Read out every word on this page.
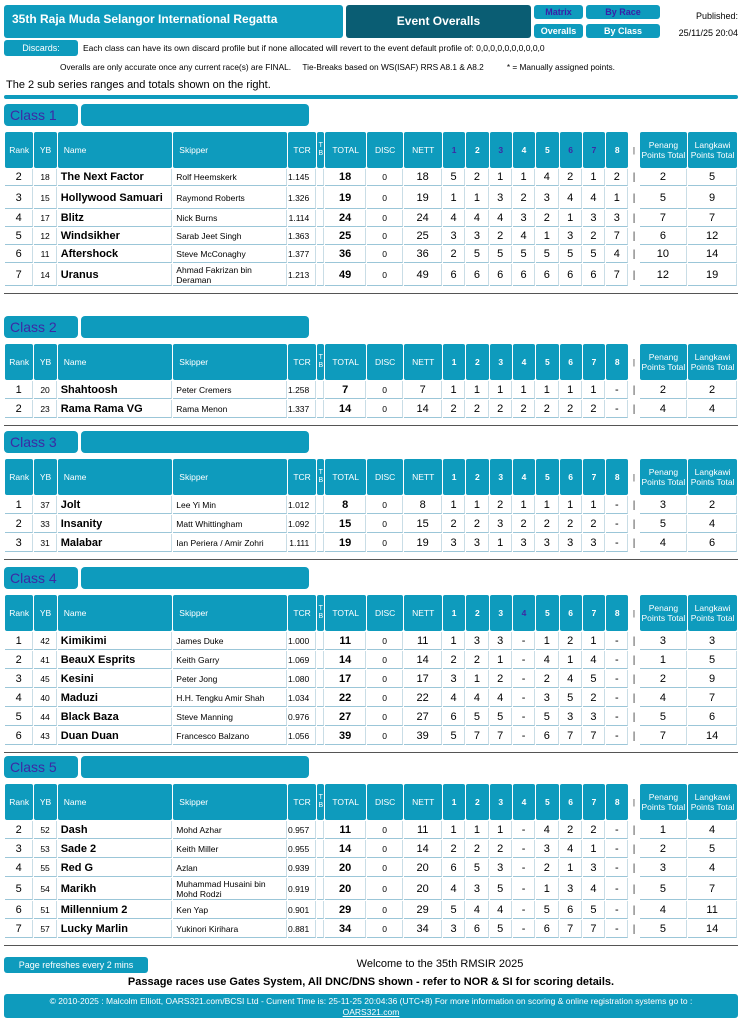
35th Raja Muda Selangor International Regatta	Event Overalls
Matrix	By Race
Overalls	By Class
Published:
25/11/25 20:04
Discards:	Each class can have its own discard profile but if none allocated will revert to the event default profile of: 0,0,0,0,0,0,0,0,0,0
Overalls are only accurate once any current race(s) are FINAL.     Tie-Breaks based on WS(ISAF) RRS A8.1 & A8.2          * = Manually assigned points.
The 2 sub series ranges and totals shown on the right.
Class 1
Rank	YB	Name	Skipper	TCR	T
B	TOTAL	DISC	NETT	1	2	3	4	5	6	7	8	|	Penang Points Total	Langkawi Points Total
2	18	The Next Factor	Rolf Heemskerk	1.145		18	0	18	5	2	1	1	4	2	1	2	|	2	5
3	15	Hollywood Samuari	Raymond Roberts	1.326		19	0	19	1	1	3	2	3	4	4	1	|	5	9
4	17	Blitz	Nick Burns	1.114		24	0	24	4	4	4	3	2	1	3	3	|	7	7
5	12	Windsikher	Sarab Jeet Singh	1.363		25	0	25	3	3	2	4	1	3	2	7	|	6	12
6	11	Aftershock	Steve McConaghy	1.377		36	0	36	2	5	5	5	5	5	5	4	|	10	14
7	14	Uranus	Ahmad Fakrizan bin Deraman	1.213		49	0	49	6	6	6	6	6	6	6	7	|	12	19
Class 2
Rank	YB	Name	Skipper	TCR	T
B	TOTAL	DISC	NETT	1	2	3	4	5	6	7	8	|	Penang Points Total	Langkawi Points Total
1	20	Shahtoosh	Peter Cremers	1.258		7	0	7	1	1	1	1	1	1	1	-	|	2	2
2	23	Rama Rama VG	Rama Menon	1.337		14	0	14	2	2	2	2	2	2	2	-	|	4	4
Class 3
Rank	YB	Name	Skipper	TCR	T
B	TOTAL	DISC	NETT	1	2	3	4	5	6	7	8	|	Penang Points Total	Langkawi Points Total
1	37	Jolt	Lee Yi Min	1.012		8	0	8	1	1	2	1	1	1	1	-	|	3	2
2	33	Insanity	Matt Whittingham	1.092		15	0	15	2	2	3	2	2	2	2	-	|	5	4
3	31	Malabar	Ian Periera / Amir Zohri	1.111		19	0	19	3	3	1	3	3	3	3	-	|	4	6
Class 4
Rank	YB	Name	Skipper	TCR	T
B	TOTAL	DISC	NETT	1	2	3	4	5	6	7	8	|	Penang Points Total	Langkawi Points Total
1	42	Kimikimi	James Duke	1.000		11	0	11	1	3	3	-	1	2	1	-	|	3	3
2	41	BeauX Esprits	Keith Garry	1.069		14	0	14	2	2	1	-	4	1	4	-	|	1	5
3	45	Kesini	Peter Jong	1.080		17	0	17	3	1	2	-	2	4	5	-	|	2	9
4	40	Maduzi	H.H. Tengku Amir Shah	1.034		22	0	22	4	4	4	-	3	5	2	-	|	4	7
5	44	Black Baza	Steve Manning	0.976		27	0	27	6	5	5	-	5	3	3	-	|	5	6
6	43	Duan Duan	Francesco Balzano	1.056		39	0	39	5	7	7	-	6	7	7	-	|	7	14
Class 5
Rank	YB	Name	Skipper	TCR	T
B	TOTAL	DISC	NETT	1	2	3	4	5	6	7	8	|	Penang Points Total	Langkawi Points Total
2	52	Dash	Mohd Azhar	0.957		11	0	11	1	1	1	-	4	2	2	-	|	1	4
3	53	Sade 2	Keith Miller	0.955		14	0	14	2	2	2	-	3	4	1	-	|	2	5
4	55	Red G	Azlan	0.939		20	0	20	6	5	3	-	2	1	3	-	|	3	4
5	54	Marikh	Muhammad Husaini bin Mohd Rodzi	0.919		20	0	20	4	3	5	-	1	3	4	-	|	5	7
6	51	Millennium 2	Ken Yap	0.901		29	0	29	5	4	4	-	5	6	5	-	|	4	11
7	57	Lucky Marlin	Yukinori Kirihara	0.881		34	0	34	3	6	5	-	6	7	7	-	|	5	14
Page refreshes every 2 mins	Welcome to the 35th RMSIR 2025
Passage races use Gates System, All DNC/DNS shown - refer to NOR & SI for scoring details.
© 2010-2025 : Malcolm Elliott, OARS321.com/BCSI Ltd - Current Time is: 25-11-25 20:04:36 (UTC+8) For more information on scoring & online registration systems go to :
OARS321.com
